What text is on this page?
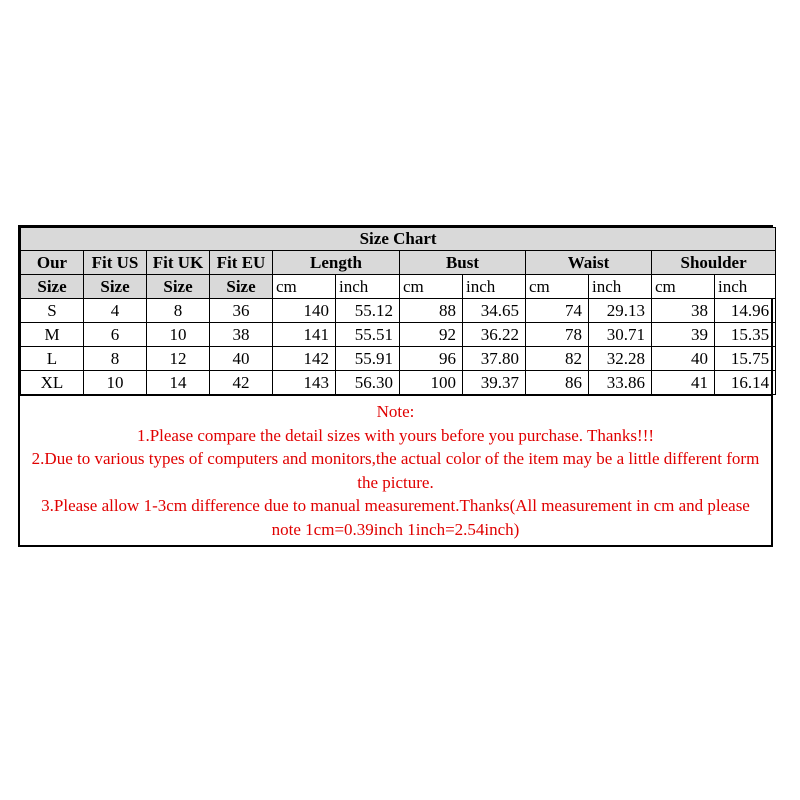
Size Chart											
Our	Fit US	Fit UK	Fit EU	Length		Bust		Waist		Shoulder	
Size	Size	Size	Size	cm	inch	cm	inch	cm	inch	cm	inch
S	4	8	36	140	55.12	88	34.65	74	29.13	38	14.96
M	6	10	38	141	55.51	92	36.22	78	30.71	39	15.35
L	8	12	40	142	55.91	96	37.80	82	32.28	40	15.75
XL	10	14	42	143	56.30	100	39.37	86	33.86	41	16.14
Note:
1.Please compare the detail sizes with yours before you purchase. Thanks!!!
2.Due to various types of computers and monitors,the actual color of the item may be a little different form the picture.
3.Please allow 1-3cm difference due to manual measurement.Thanks(All measurement in cm and please note 1cm=0.39inch 1inch=2.54inch)
